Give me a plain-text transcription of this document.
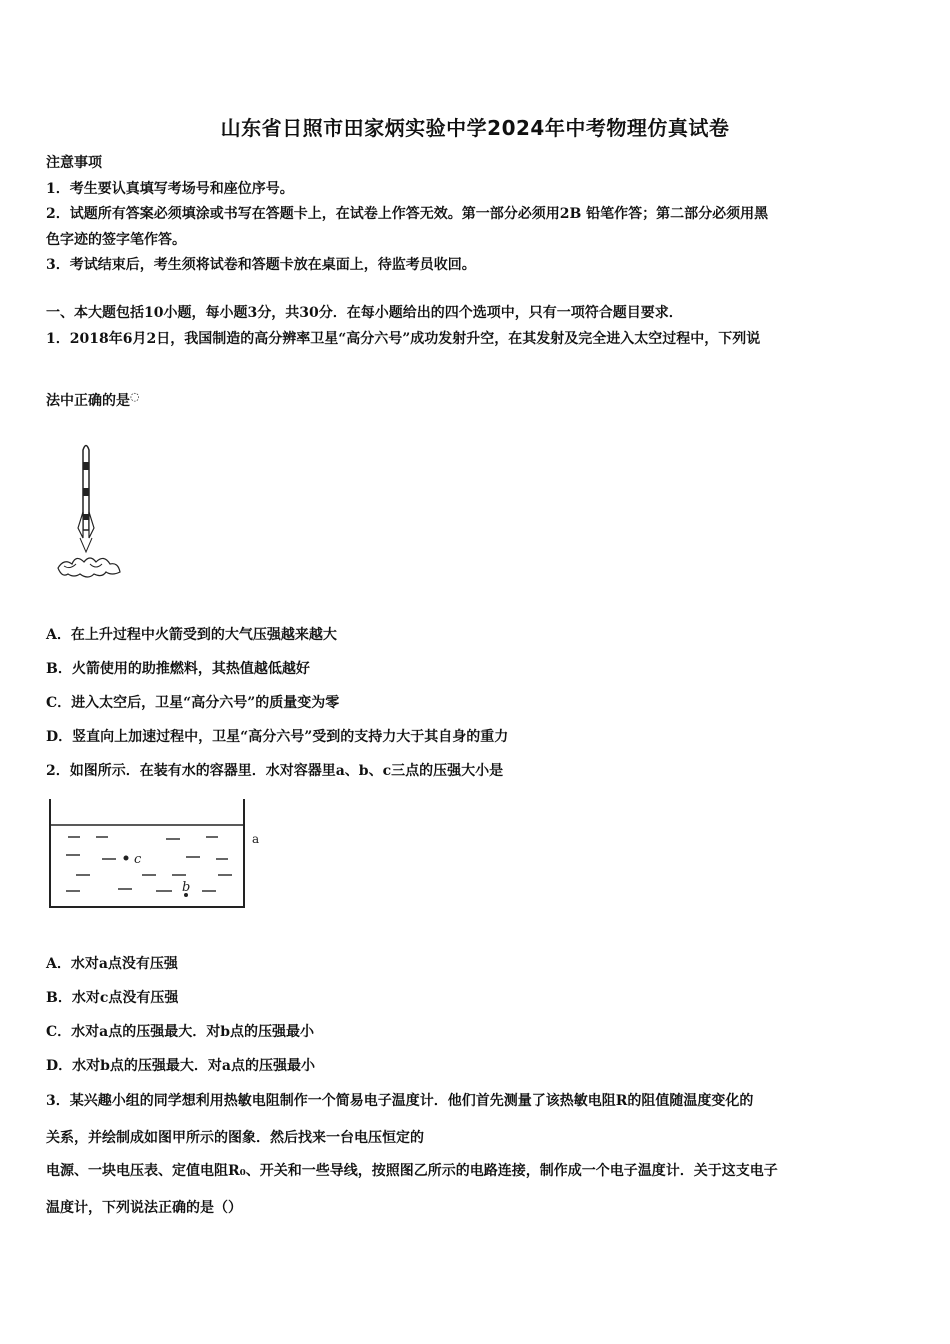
山东省日照市田家炳实验中学2024年中考物理仿真试卷
注意事项
1．考生要认真填写考场号和座位序号。
2．试题所有答案必须填涂或书写在答题卡上，在试卷上作答无效。第一部分必须用2B 铅笔作答；第二部分必须用黑
色字迹的签字笔作答。
3．考试结束后，考生须将试卷和答题卡放在桌面上，待监考员收回。
一、本大题包括10小题，每小题3分，共30分．在每小题给出的四个选项中，只有一项符合题目要求．
1．2018年6月2日，我国制造的高分辨率卫星“高分六号”成功发射升空，在其发射及完全进入太空过程中，下列说
法中正确的是◌
A．在上升过程中火箭受到的大气压强越来越大
B．火箭使用的助推燃料，其热值越低越好
C．进入太空后，卫星“高分六号”的质量变为零
D．竖直向上加速过程中，卫星“高分六号”受到的支持力大于其自身的重力
2．如图所示．在装有水的容器里．水对容器里a、b、c三点的压强大小是
a
c
b
A．水对a点没有压强
B．水对c点没有压强
C．水对a点的压强最大．对b点的压强最小
D．水对b点的压强最大．对a点的压强最小
3．某兴趣小组的同学想利用热敏电阻制作一个简易电子温度计．他们首先测量了该热敏电阻R的阻值随温度变化的
关系，并绘制成如图甲所示的图象．然后找来一台电压恒定的
电源、一块电压表、定值电阻R₀、开关和一些导线，按照图乙所示的电路连接，制作成一个电子温度计．关于这支电子
温度计，下列说法正确的是（）
